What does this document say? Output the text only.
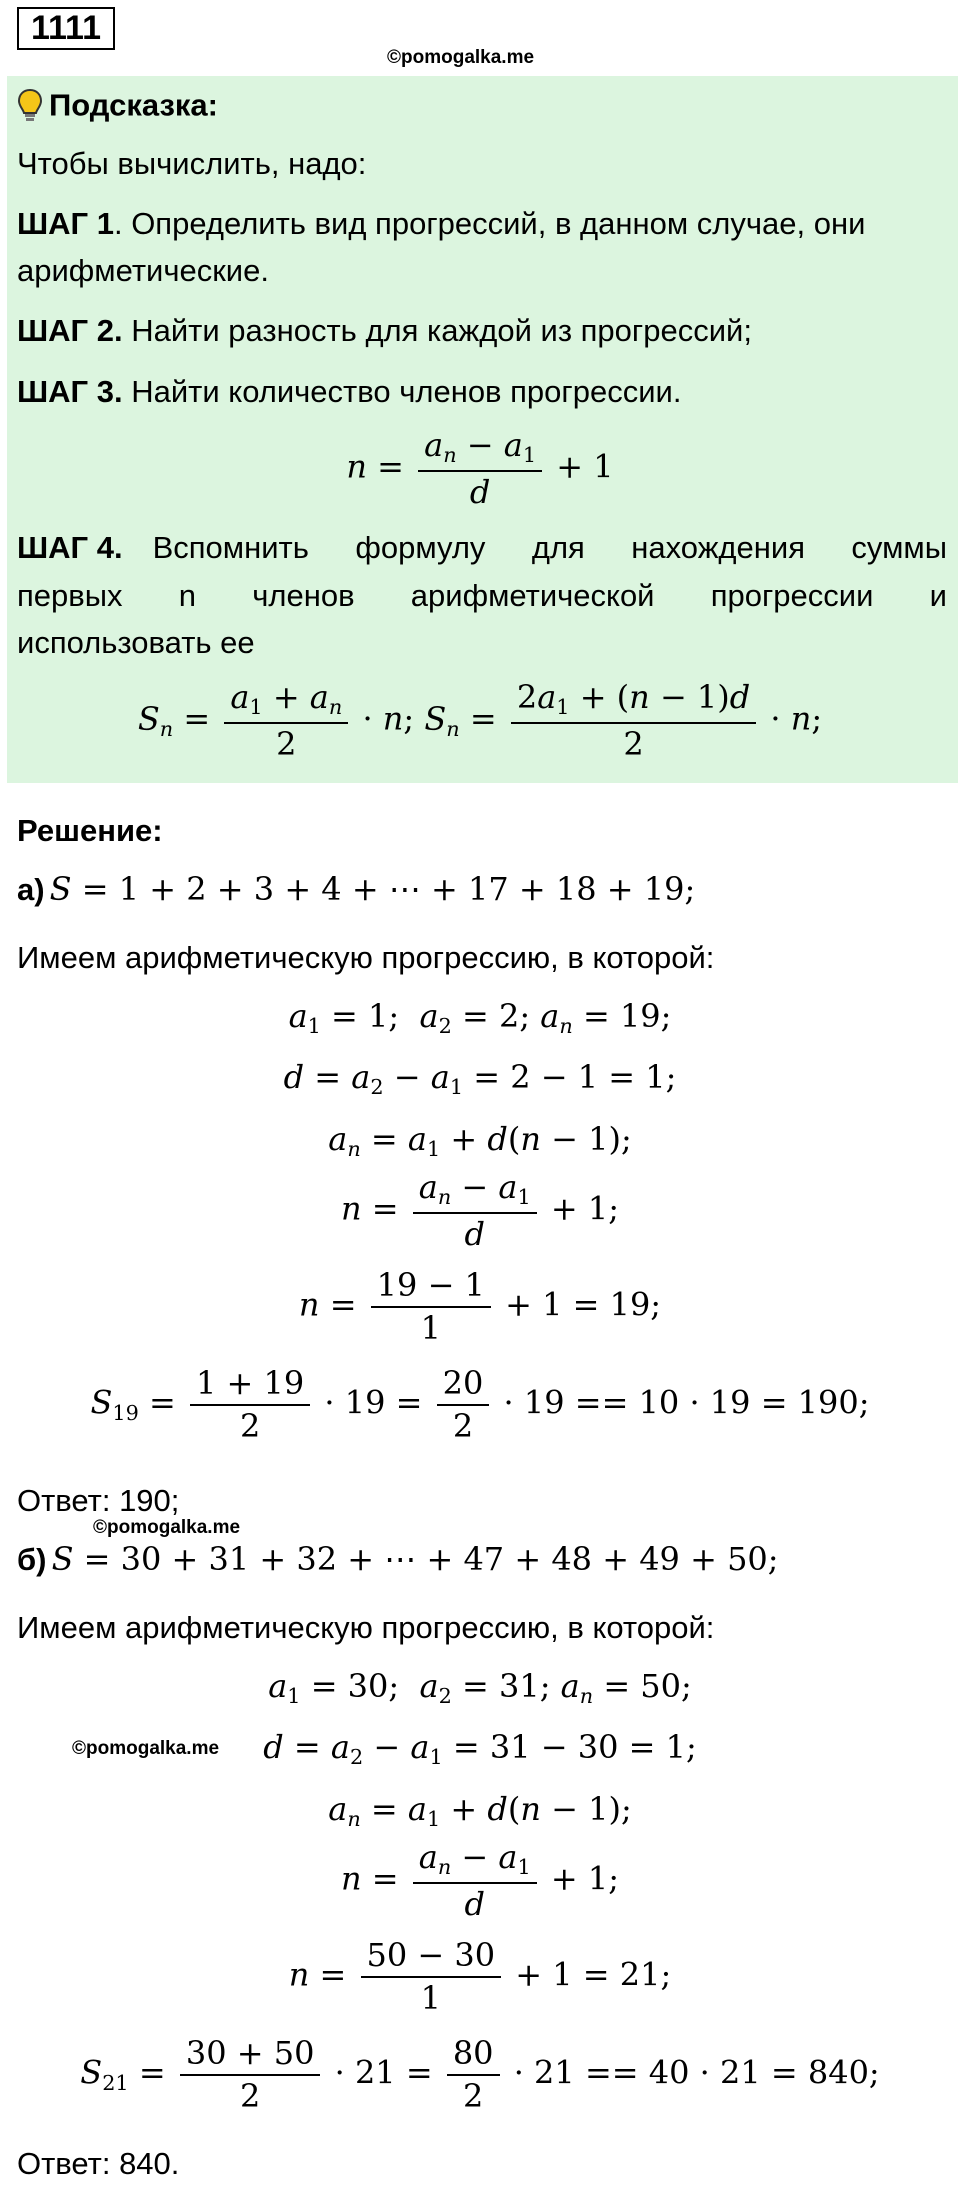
1111
©pomogalka.me
Подсказка:
Чтобы вычислить, надо:
ШАГ 1. Определить вид прогрессий, в данном случае, они
арифметические.
ШАГ 2. Найти разность для каждой из прогрессий;
ШАГ 3. Найти количество членов прогрессии.
$n = \frac{a_n - a_1}{d} + 1$
ШАГ 4. Вспомнить формулу для нахождения суммы
первых n членов арифметической прогрессии и
использовать ее
$S_n = \frac{a_1 + a_n}{2} \cdot n$; $S_n = \frac{2a_1 + (n - 1)d}{2} \cdot n$;
Решение:
а) S = 1 + 2 + 3 + 4 + ⋯ + 17 + 18 + 19;
Имеем арифметическую прогрессию, в которой:
$a_1 = 1$;  $a_2 = 2$; $a_n = 19$;
$d = a_2 - a_1 = 2 - 1 = 1$;
$a_n = a_1 + d(n - 1)$;
$n = \frac{a_n - a_1}{d} + 1$;
$n = \frac{19 - 1}{1} + 1 = 19$;
$S_{19} = \frac{1 + 19}{2} \cdot 19 = \frac{20}{2} \cdot 19 == 10 \cdot 19 = 190$;
Ответ: 190;
©pomogalka.me
б) S = 30 + 31 + 32 + ⋯ + 47 + 48 + 49 + 50;
Имеем арифметическую прогрессию, в которой:
$a_1 = 30$;  $a_2 = 31$; $a_n = 50$;
©pomogalka.me	$d = a_2 - a_1 = 31 - 30 = 1$;
$a_n = a_1 + d(n - 1)$;
$n = \frac{a_n - a_1}{d} + 1$;
$n = \frac{50 - 30}{1} + 1 = 21$;
$S_{21} = \frac{30 + 50}{2} \cdot 21 = \frac{80}{2} \cdot 21 == 40 \cdot 21 = 840$;
Ответ: 840.
